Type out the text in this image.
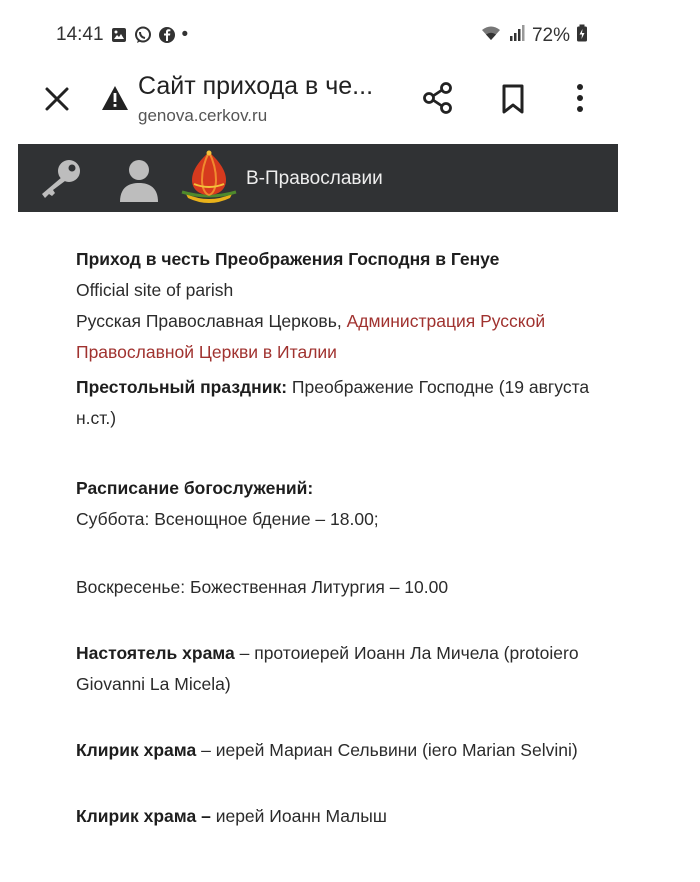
14:41	•	72%
Сайт прихода в че...
genova.cerkov.ru
В-Православии

Приход в честь Преображения Господня в Генуе

Official site of parish

Русская Православная Церковь, Администрация Русской Православной Церкви в Италии

Престольный праздник: Преображение Господне (19 августа н.ст.)

Расписание богослужений:

Суббота: Всенощное бдение – 18.00;

Воскресенье: Божественная Литургия – 10.00

Настоятель храма – протоиерей Иоанн Ла Мичела (protoiero Giovanni La Micela)

Клирик храма – иерей Мариан Сельвини (iero Marian Selvini)

Клирик храма – иерей Иоанн Малыш
